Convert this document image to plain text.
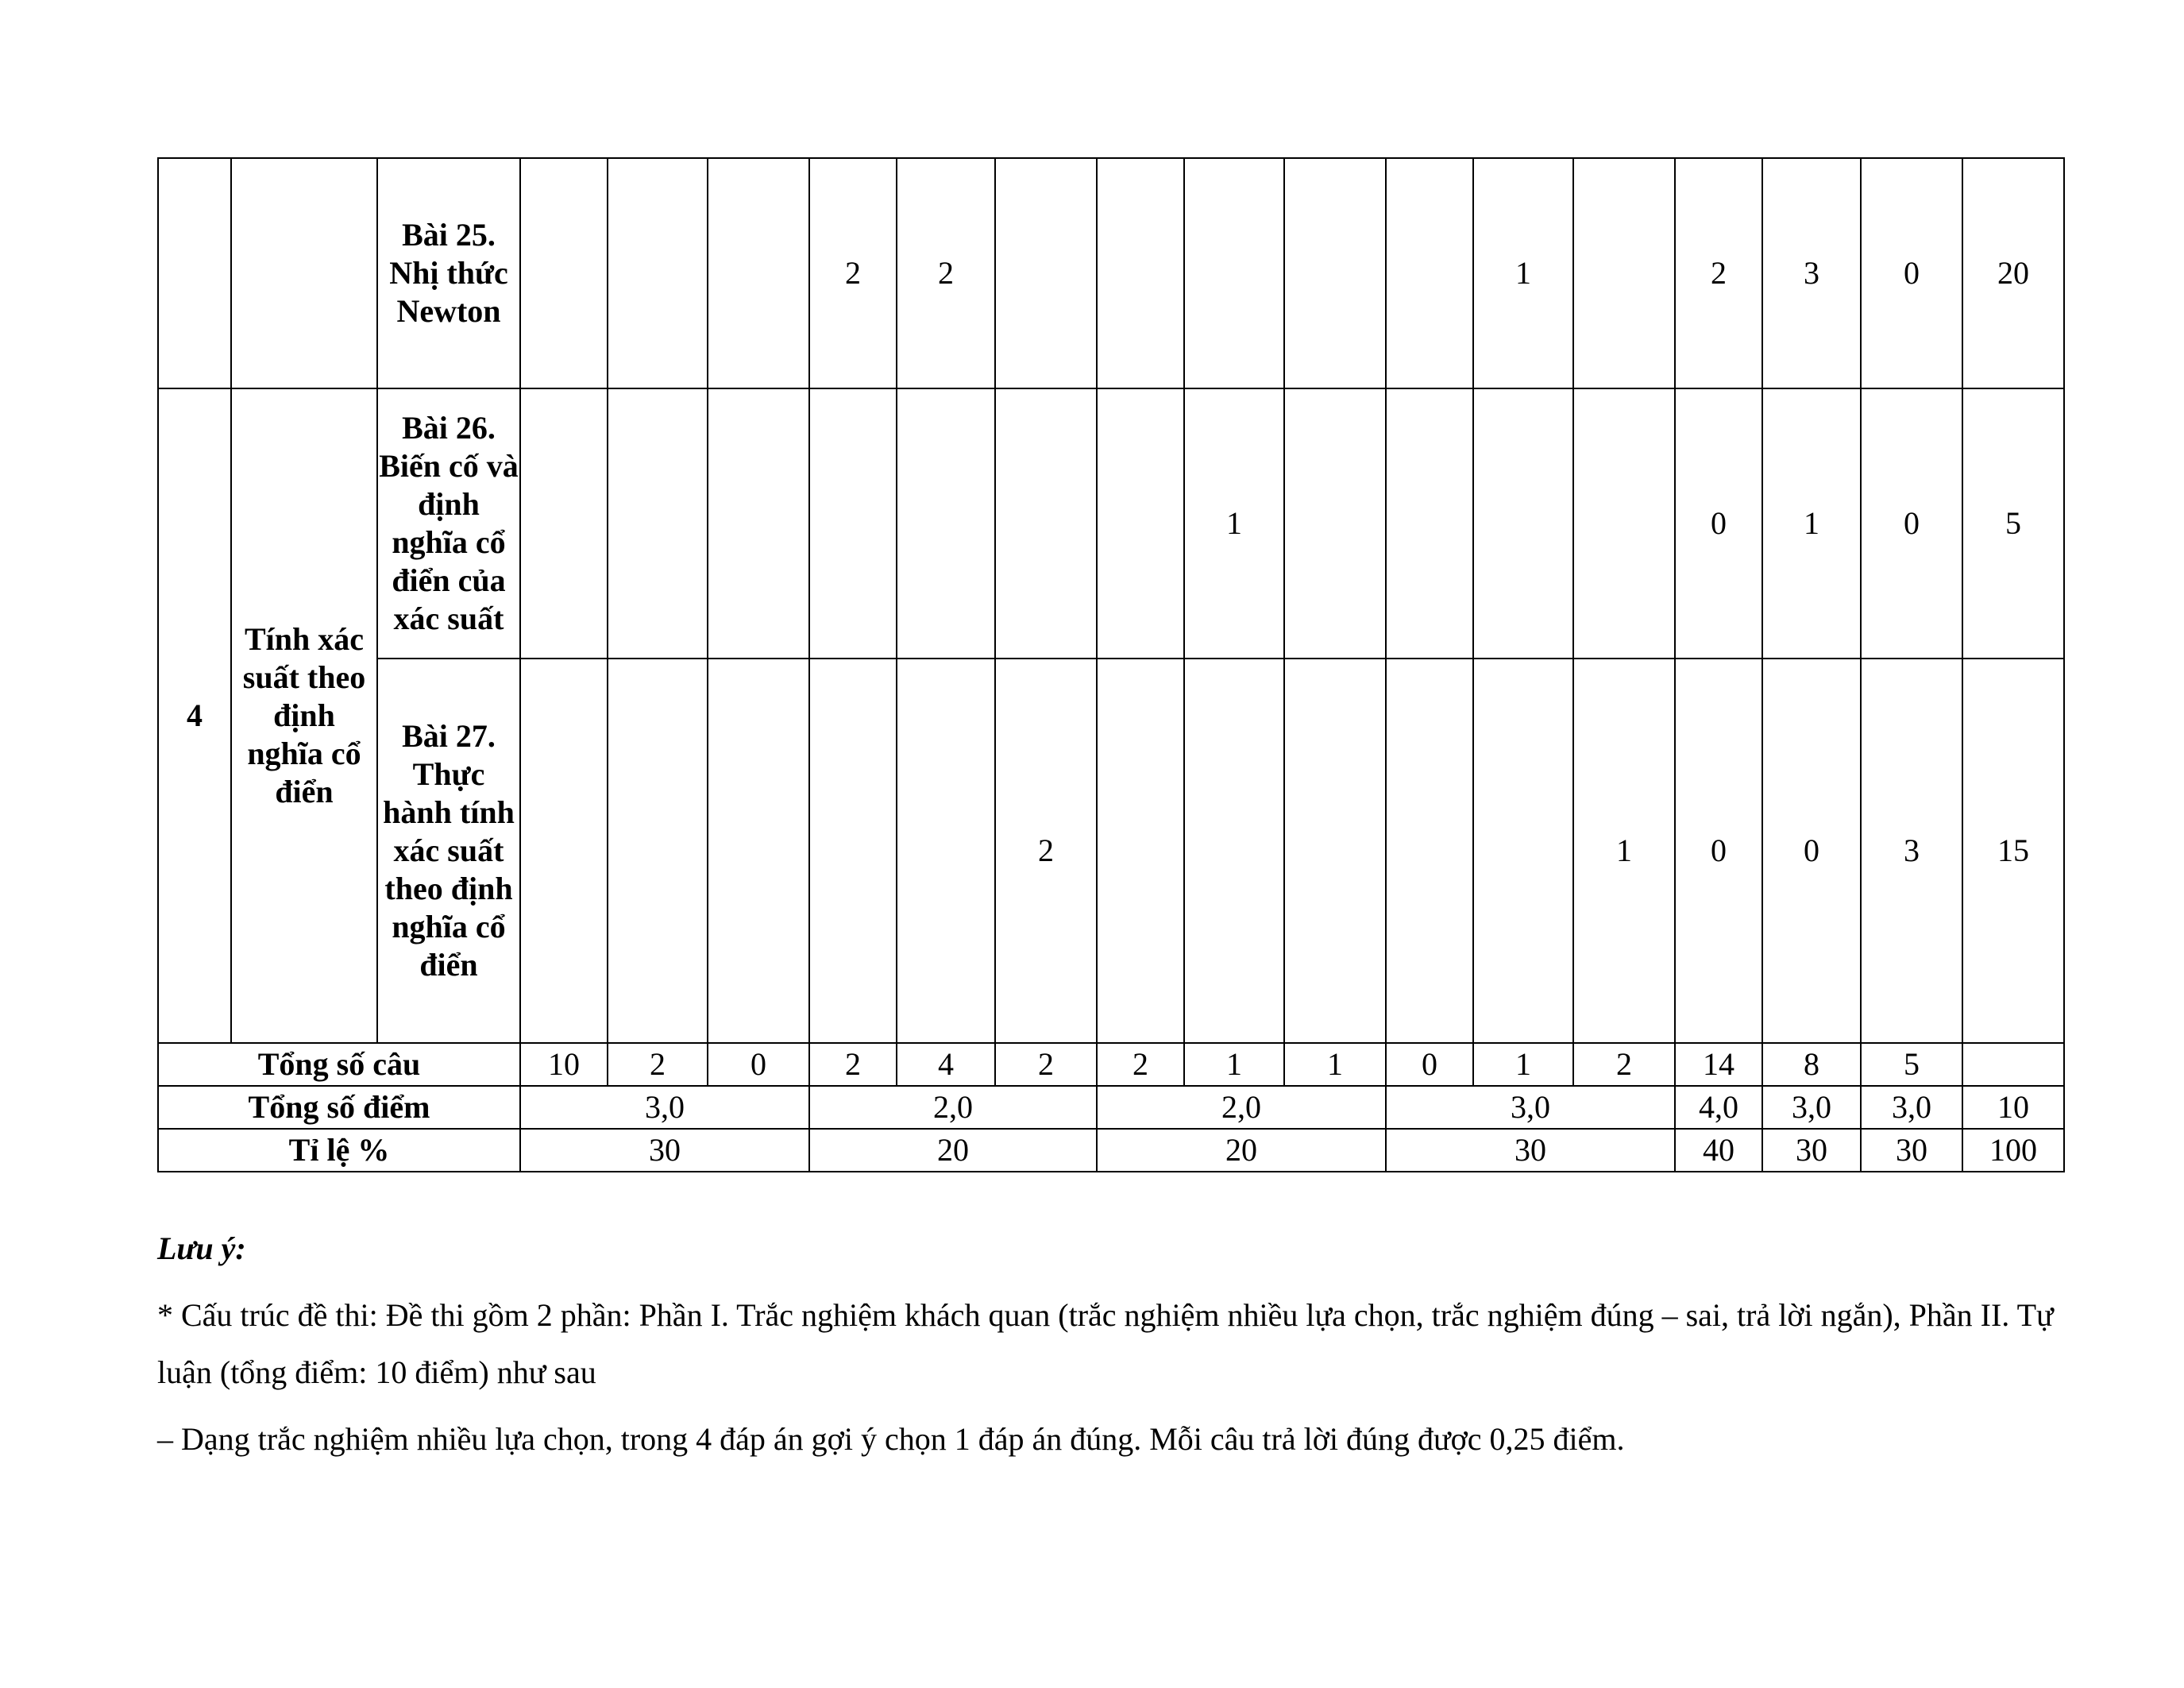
		Bài 25. Nhị thức Newton				2	2						1		2	3	0	20
4	Tính xác suất theo định nghĩa cổ điển	Bài 26. Biến cố và định nghĩa cổ điển của xác suất								1					0	1	0	5
		Bài 27. Thực hành tính xác suất theo định nghĩa cổ điển						2						1	0	0	3	15
Tổng số câu			10	2	0	2	4	2	2	1	1	0	1	2	14	8	5	
Tổng số điểm			3,0			2,0			2,0			3,0			4,0	3,0	3,0	10
Tỉ lệ %			30			20			20			30			40	30	30	100

Lưu ý:

* Cấu trúc đề thi: Đề thi gồm 2 phần: Phần I. Trắc nghiệm khách quan (trắc nghiệm nhiều lựa chọn, trắc nghiệm đúng – sai, trả lời ngắn), Phần II. Tự luận (tổng điểm: 10 điểm) như sau

– Dạng trắc nghiệm nhiều lựa chọn, trong 4 đáp án gợi ý chọn 1 đáp án đúng. Mỗi câu trả lời đúng được 0,25 điểm.
